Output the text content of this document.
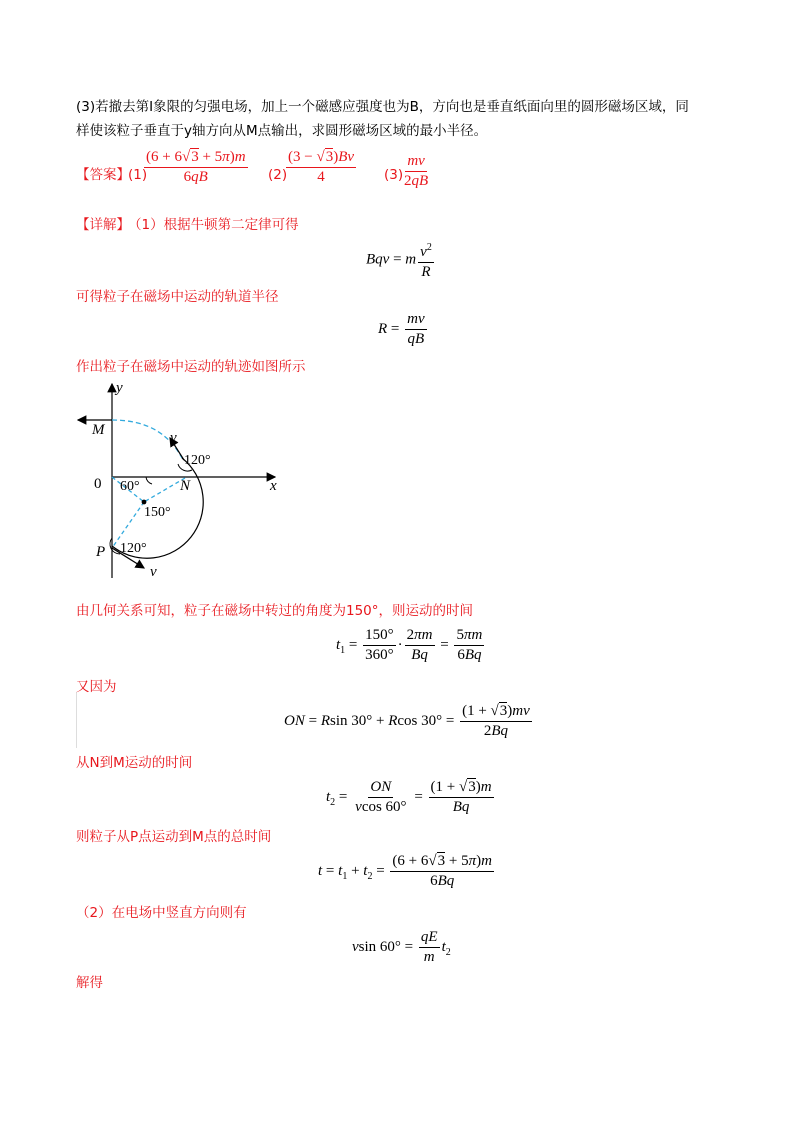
(3)若撤去第Ⅰ象限的匀强电场，加上一个磁感应强度也为B，方向也是垂直纸面向里的圆形磁场区域，同
样使该粒子垂直于y轴方向从M点输出，求圆形磁场区域的最小半径。
【答案】
(1)
$\frac{(6 + 6√3 + 5\pi)m}{6qB} (2)$
$\frac{(3 - √3)Bv}{4} (3)$
$\frac{mv}{2qB}$
【详解】
（1）根据牛顿第二定律可得
Bqv = m $\frac{v^2}{R}$
可得粒子在磁场中运动的轨道半径
$R = \frac{mv}{qB}$
作出粒子在磁场中运动的轨迹如图所示
y
x
0
M
N
P
v
v
120°
60°
150°
120°
由几何关系可知，粒子在磁场中转过的角度为150°，则运动的时间
$t_1 = \frac{150^\circ}{360^\circ} \cdot \frac{2\pi m}{Bq} = \frac{5\pi m}{6Bq}$
又因为
ON = Rsin 30° + Rcos $30^\circ = \frac{(1 + √3)mv}{2Bq}$
从N到M运动的时间
$t_2 = \frac{ON}{vcos 60^\circ} = \frac{(1 + √3)m}{Bq}$
则粒子从P点运动到M点的总时间
$t = t_1 + t_2 = \frac{(6 + 6√3 + 5\pi)m}{6Bq}$
（2）在电场中竖直方向则有
vsin $60^\circ = \frac{qE}{m} t_2$
解得
